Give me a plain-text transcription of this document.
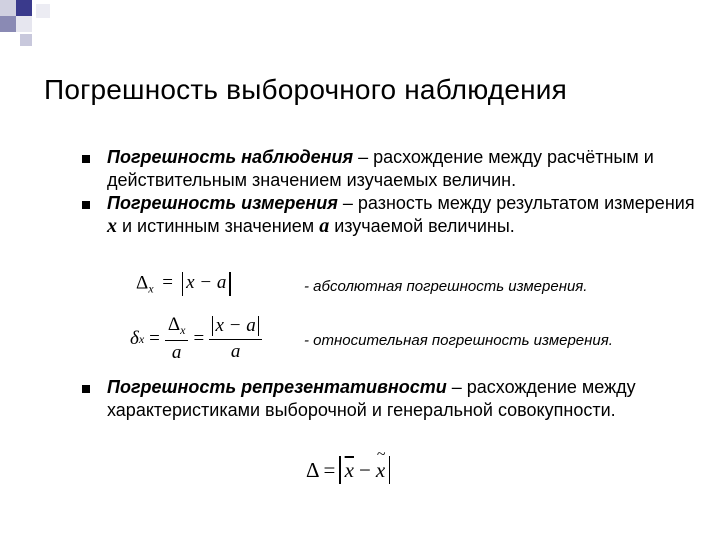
Погрешность выборочного наблюдения
Погрешность наблюдения – расхождение между расчётным и действительным значением изучаемых величин.
Погрешность измерения – разность между результатом измерения x и истинным значением a изучаемой величины.
$\Delta_x = x - a$	- абсолютная погрешность измерения.
δ $x = \frac{\Delta_x}{a} = \frac{x - a}{a}$	- относительная погрешность измерения.
Погрешность репрезентативности – расхождение между характеристиками выборочной и генеральной совокупности.
$\Delta = \overline{x} - x$
~
